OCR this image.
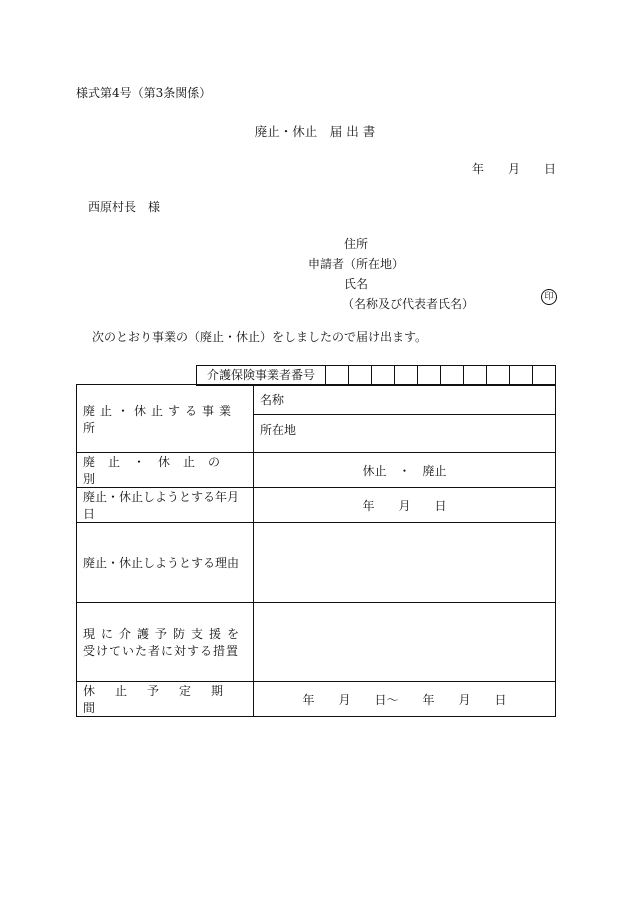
様式第4号（第3条関係）
廃止・休止　届 出 書
年　　月　　日
西原村長　様
住所
申請者（所在地）
氏名
（名称及び代表者氏名）	印
次のとおり事業の（廃止・休止）をしましたので届け出ます。
介護保険事業者番号
廃止・休止する事業所	名称
	所在地

廃止・休止の別	休止　・　廃止

廃止・休止しようとする年月日	年　　月　　日

廃止・休止しようとする理由	

現に介護予防支援を
受けていた者に対する措置	

休止予定期間	年　　月　　日〜　　年　　月　　日
